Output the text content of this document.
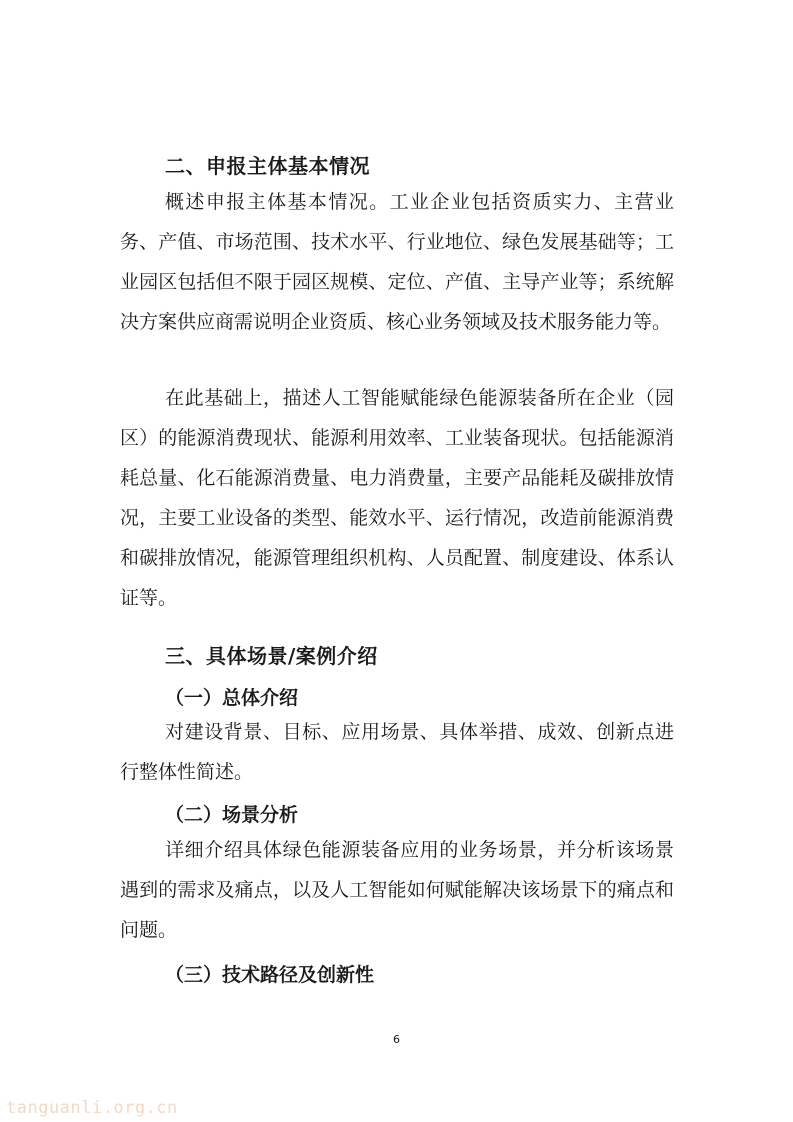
二、申报主体基本情况

概述申报主体基本情况。工业企业包括资质实力、主营业务、产值、市场范围、技术水平、行业地位、绿色发展基础等；工业园区包括但不限于园区规模、定位、产值、主导产业等；系统解决方案供应商需说明企业资质、核心业务领域及技术服务能力等。

在此基础上，描述人工智能赋能绿色能源装备所在企业（园区）的能源消费现状、能源利用效率、工业装备现状。包括能源消耗总量、化石能源消费量、电力消费量，主要产品能耗及碳排放情况，主要工业设备的类型、能效水平、运行情况，改造前能源消费和碳排放情况，能源管理组织机构、人员配置、制度建设、体系认证等。

三、具体场景/案例介绍
（一）总体介绍

对建设背景、目标、应用场景、具体举措、成效、创新点进行整体性简述。

（二）场景分析

详细介绍具体绿色能源装备应用的业务场景，并分析该场景遇到的需求及痛点，以及人工智能如何赋能解决该场景下的痛点和问题。

（三）技术路径及创新性
6
tanguanli.org.cn
